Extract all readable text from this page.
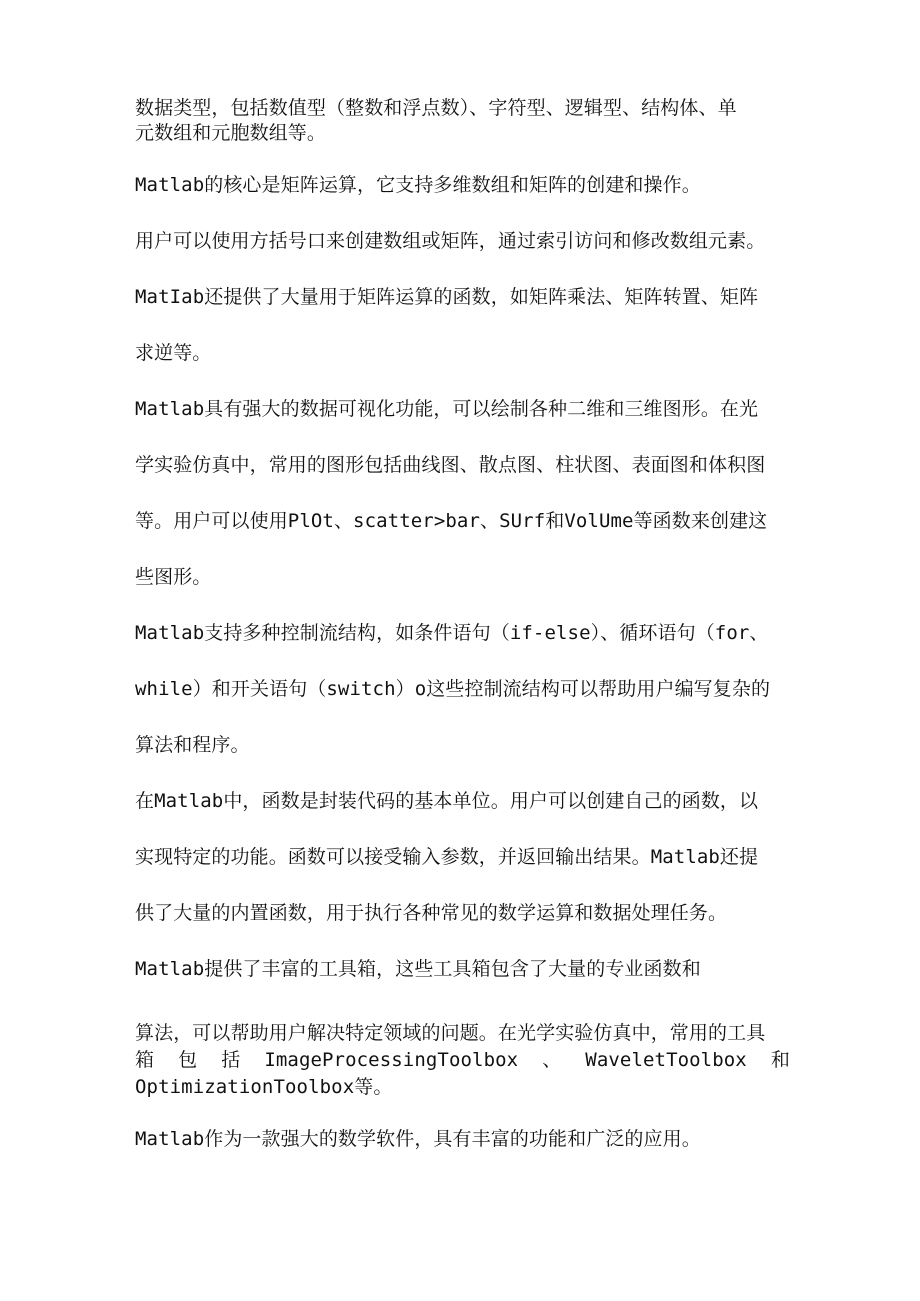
数据类型，包括数值型（整数和浮点数）、字符型、逻辑型、结构体、单
元数组和元胞数组等。
Matlab的核心是矩阵运算，它支持多维数组和矩阵的创建和操作。
用户可以使用方括号口来创建数组或矩阵，通过索引访问和修改数组元素。
MatIab还提供了大量用于矩阵运算的函数，如矩阵乘法、矩阵转置、矩阵
求逆等。
Matlab具有强大的数据可视化功能，可以绘制各种二维和三维图形。在光
学实验仿真中，常用的图形包括曲线图、散点图、柱状图、表面图和体积图
等。用户可以使用PlOt、scatter>bar、SUrf和VolUme等函数来创建这
些图形。
Matlab支持多种控制流结构，如条件语句（if-else）、循环语句（for、
while）和开关语句（switch）o这些控制流结构可以帮助用户编写复杂的
算法和程序。
在Matlab中，函数是封装代码的基本单位。用户可以创建自己的函数，以
实现特定的功能。函数可以接受输入参数，并返回输出结果。Matlab还提
供了大量的内置函数，用于执行各种常见的数学运算和数据处理任务。
Matlab提供了丰富的工具箱，这些工具箱包含了大量的专业函数和
算法，可以帮助用户解决特定领域的问题。在光学实验仿真中，常用的工具
箱 包 括 ImageProcessingToolbox 、 WaveletToolbox 和
OptimizationToolbox等。
Matlab作为一款强大的数学软件，具有丰富的功能和广泛的应用。
